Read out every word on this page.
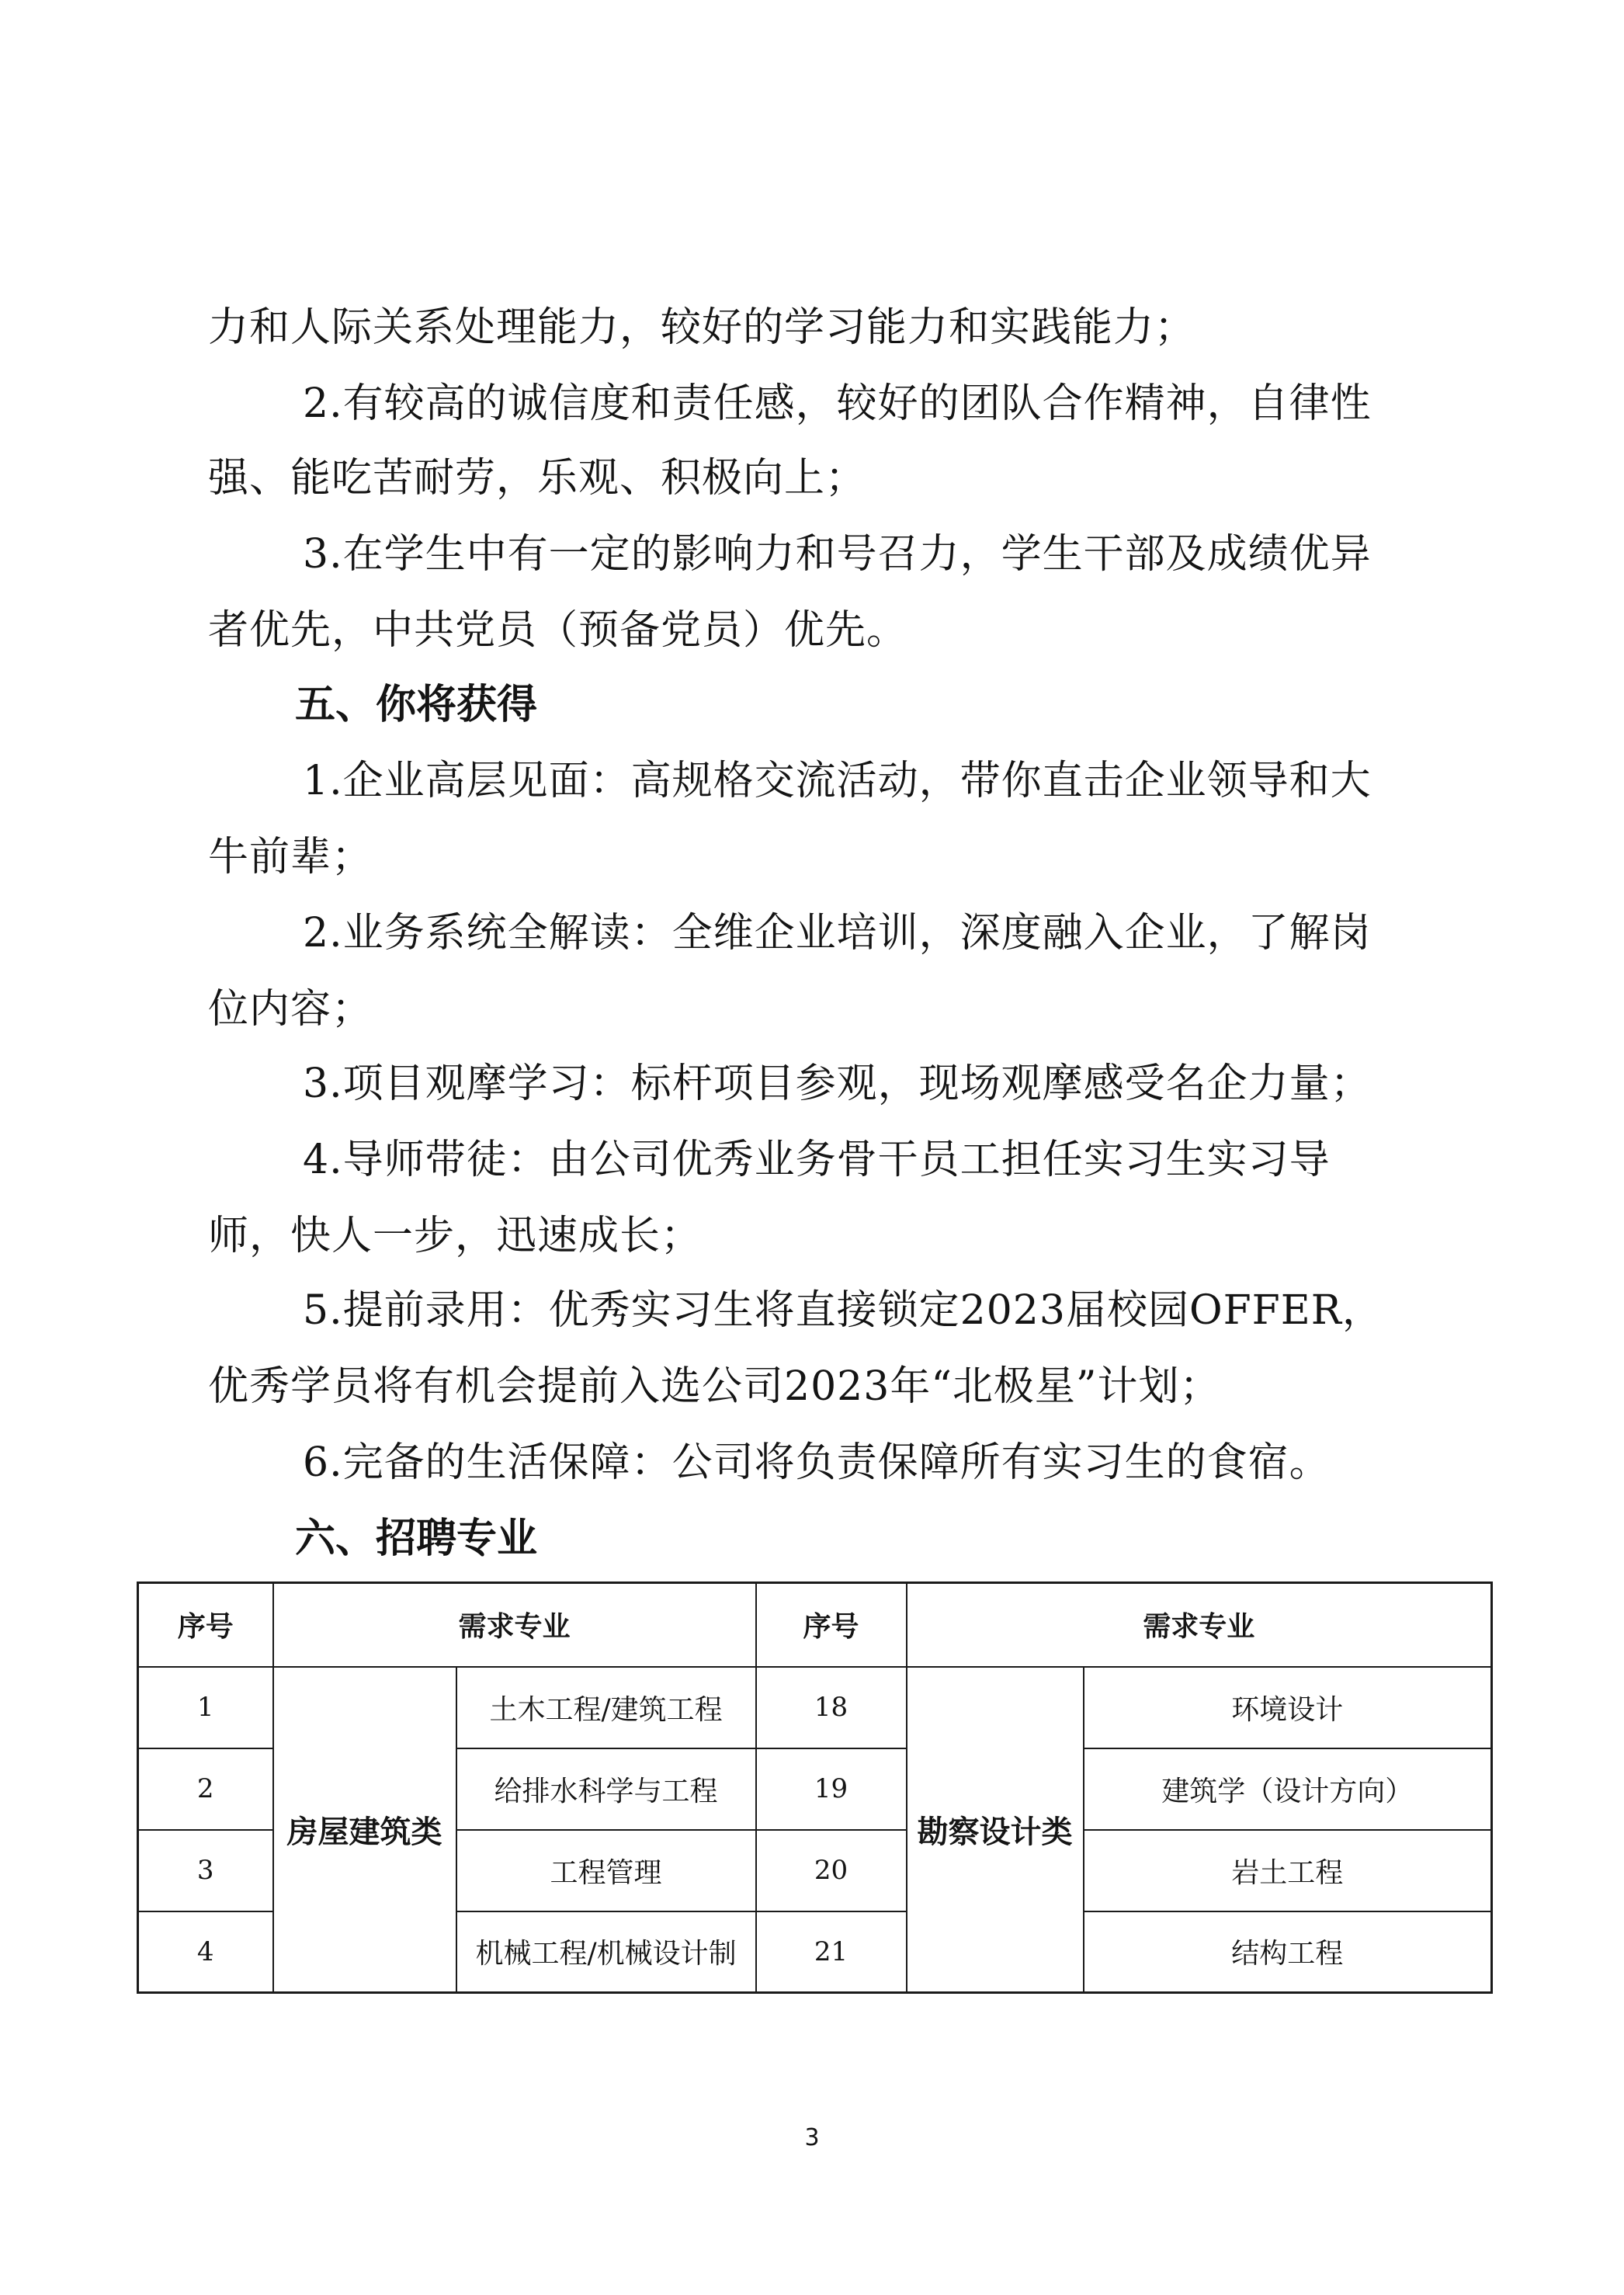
力和人际关系处理能力，较好的学习能力和实践能力；
2.有较高的诚信度和责任感，较好的团队合作精神，自律性
强、能吃苦耐劳，乐观、积极向上；
3.在学生中有一定的影响力和号召力，学生干部及成绩优异
者优先，中共党员（预备党员）优先。
五、你将获得
1.企业高层见面：高规格交流活动，带你直击企业领导和大
牛前辈；
2.业务系统全解读：全维企业培训，深度融入企业，了解岗
位内容；
3.项目观摩学习：标杆项目参观，现场观摩感受名企力量；
4.导师带徒：由公司优秀业务骨干员工担任实习生实习导
师，快人一步，迅速成长；
5.提前录用：优秀实习生将直接锁定2023届校园OFFER，
优秀学员将有机会提前入选公司2023年“北极星”计划；
6.完备的生活保障：公司将负责保障所有实习生的食宿。
六、招聘专业
序号	需求专业		序号	需求专业	
1	房屋建筑类	土木工程/建筑工程	18	勘察设计类	环境设计
2		给排水科学与工程	19		建筑学（设计方向）
3		工程管理	20		岩土工程
4		机械工程/机械设计制	21		结构工程
3
